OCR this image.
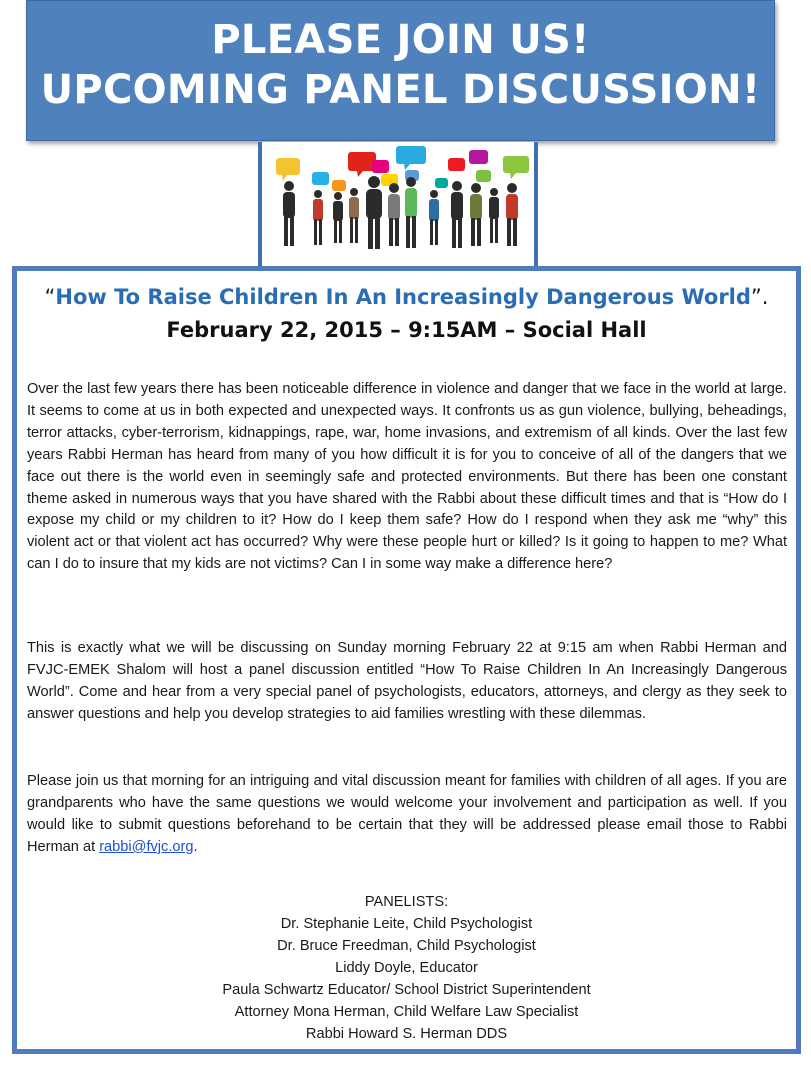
PLEASE JOIN US!
UPCOMING PANEL DISCUSSION!
“How To Raise Children In An Increasingly Dangerous World”.
February 22, 2015 – 9:15AM – Social Hall
Over the last few years there has been noticeable difference in violence and danger that we face in the world at large. It seems to come at us in both expected and unexpected ways. It confronts us as gun violence, bullying, beheadings, terror attacks, cyber-terrorism, kidnappings, rape, war, home invasions, and extremism of all kinds. Over the last few years Rabbi Herman has heard from many of you how difficult it is for you to conceive of all of the dangers that we face out there is the world even in seemingly safe and protected environments. But there has been one constant theme asked in numerous ways that you have shared with the Rabbi about these difficult times and that is “How do I expose my child or my children to it? How do I keep them safe? How do I respond when they ask me “why” this violent act or that violent act has occurred? Why were these people hurt or killed? Is it going to happen to me? What can I do to insure that my kids are not victims? Can I in some way make a difference here?
This is exactly what we will be discussing on Sunday morning February 22 at 9:15 am when Rabbi Herman and FVJC-EMEK Shalom will host a panel discussion entitled “How To Raise Children In An Increasingly Dangerous World”. Come and hear from a very special panel of psychologists, educators, attorneys, and clergy as they seek to answer questions and help you develop strategies to aid families wrestling with these dilemmas.
Please join us that morning for an intriguing and vital discussion meant for families with children of all ages. If you are grandparents who have the same questions we would welcome your involvement and participation as well. If you would like to submit questions beforehand to be certain that they will be addressed please email those to Rabbi Herman at rabbi@fvjc.org.
PANELISTS:
Dr. Stephanie Leite, Child Psychologist
Dr. Bruce Freedman, Child Psychologist
Liddy Doyle, Educator
Paula Schwartz Educator/ School District Superintendent
Attorney Mona Herman, Child Welfare Law Specialist
Rabbi Howard S. Herman DDS
